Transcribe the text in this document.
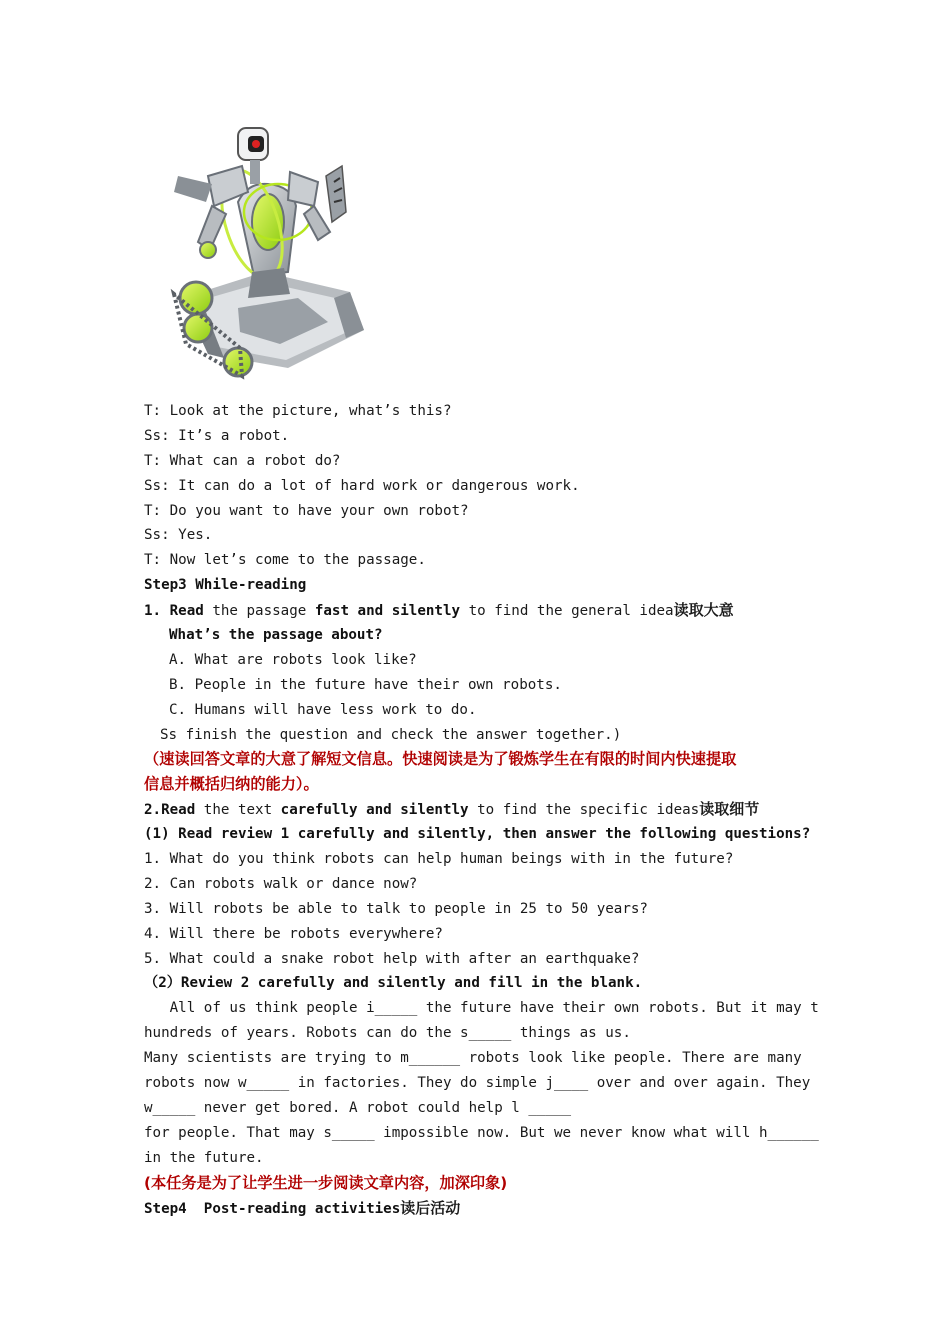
T: Look at the picture, what’s this?
Ss: It’s a robot.
T: What can a robot do?
Ss: It can do a lot of hard work or dangerous work.
T: Do you want to have your own robot?
Ss: Yes.
T: Now let’s come to the passage.
Step3 While-reading
1. Read the passage fast and silently to find the general idea读取大意
What’s the passage about?
A. What are robots look like?
B. People in the future have their own robots.
C. Humans will have less work to do.
Ss finish the question and check the answer together.)
（速读回答文章的大意了解短文信息。快速阅读是为了锻炼学生在有限的时间内快速提取
信息并概括归纳的能力）。
2.Read the text carefully and silently to find the specific ideas读取细节
(1) Read review 1 carefully and silently, then answer the following questions?
1. What do you think robots can help human beings with in the future?
2. Can robots walk or dance now?
3. Will robots be able to talk to people in 25 to 50 years?
4. Will there be robots everywhere?
5. What could a snake robot help with after an earthquake?
（2）Review 2 carefully and silently and fill in the blank.
All of us think people i_____ the future have their own robots. But it may t
hundreds of years. Robots can do the s_____ things as us.
Many scientists are trying to m______ robots look like people. There are many
robots now w_____ in factories. They do simple j____ over and over again. They
w_____ never get bored. A robot could help l _____
for people. That may s_____ impossible now. But we never know what will h______
in the future.
(本任务是为了让学生进一步阅读文章内容，加深印象)
Step4  Post-reading activities读后活动
